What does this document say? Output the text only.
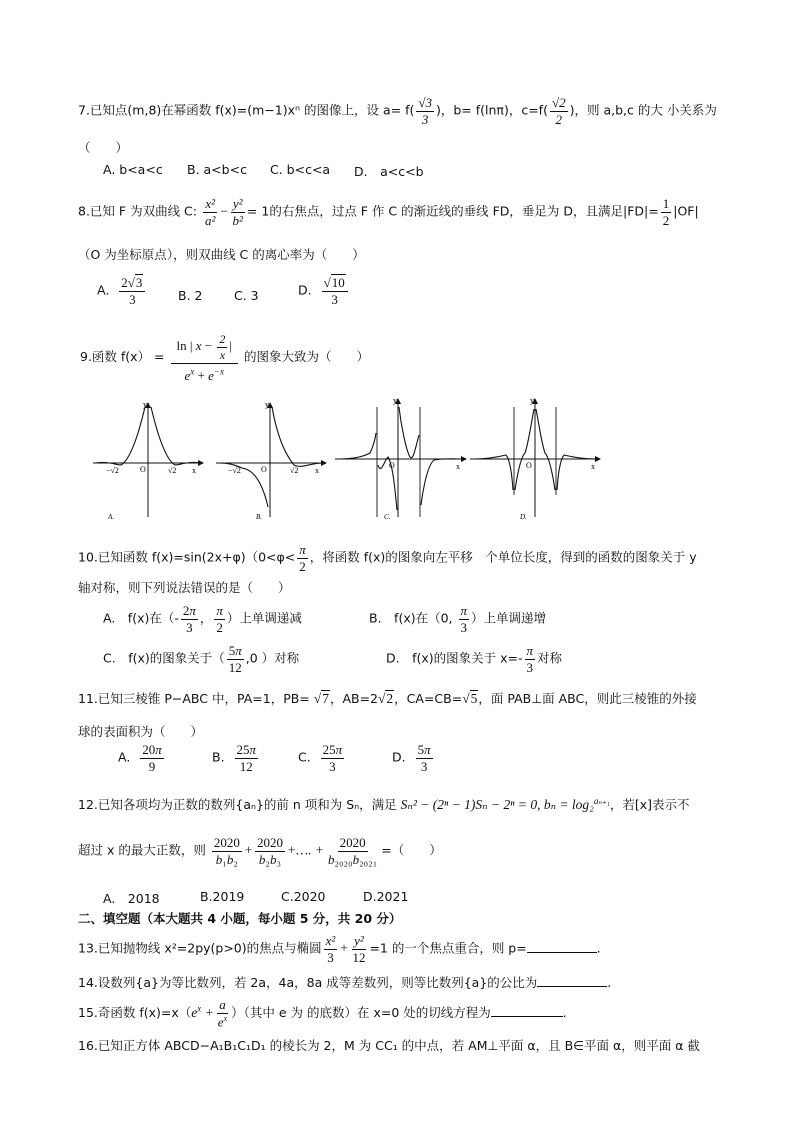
7.已知点(m,8)在幂函数 f(x)=(m−1)xⁿ 的图像上，设 $a= f( \frac{√3}{3}$ )，b= f(lnπ)，$c=f( \frac{√2}{2}$ )，则 a,b,c 的大 小关系为
（　　）
A. b<a<c B. a<b<c C. b<c<a D.　a<c<b
8.已知 F 为双曲线 C: $\frac{\text{x²}}{\text{a²}} - \frac{\text{y²}}{\text{b²}} = 1$的右焦点，过点 F 作 C 的渐近线的垂线 FD，垂足为 D，且满足$|FD|= \frac{1}{2} |OF|$
（O 为坐标原点），则双曲线 C 的离心率为（　　）
A. $\frac{2√3}{3}$	B. 2	C. 3	D. $\frac{√10}{3}$
9.函数 $f(x) = \frac{\ln | x - \frac{2}{x} |}{e^x + e^{-x}}$ 的图象大致为（　　）
y
x
O
−√2	√2
A.
y
x
O
−√2	√2
B.
y
x
O
C.
y
x
O
D.
10.已知函数 $f(x)=\sin(2x+\varphi)(0<\varphi< \frac{\pi}{2}$ ，将函数 f(x)的图象向左平移　个单位长度，得到的函数的图象关于 y
轴对称，则下列说法错误的是（　　）
A.　f(x)在（- $\frac{2\pi}{3}$ ， $\frac{\pi}{2}$ ）上单调递减	B.　f(x)在（0, $\frac{\pi}{3}$ ）上单调递增
C.　f(x)的图象关于（ $\frac{5\pi}{12} ,0$ ）对称	D.　f(x)的图象关于 $x=- \frac{\pi}{3}$ 对称
11.已知三棱锥 P−ABC 中，PA=1，PB= √7，AB=2√2，CA=CB=√5，面 PAB⊥面 ABC，则此三棱锥的外接
球的表面积为（　　）
A. $\frac{20\pi}{9}$	B. $\frac{25\pi}{12}$	C. $\frac{25\pi}{3}$	D. $\frac{5\pi}{3}$
12.已知各项均为正数的数列{aₙ}的前 n 项和为 Sₙ，满足 Sₙ² − (2ⁿ − 1)Sₙ − 2ⁿ = 0, bₙ = log₂$^{a_{n+1}}$，若[x]表示不
超过 x 的最大正数，则 $\frac{2020}{\text{b₁b₂}} + \frac{2020}{\text{b₂b₃}}$ +…. + $\frac{2020}{\text{b₂₀₂₀b₂₀₂₁}}$ =（　　）
A.　2018	B.2019	C.2020	D.2021
二、填空题（本大题共 4 小题，每小题 5 分，共 20 分）
13.已知抛物线 x²=2py(p>0)的焦点与椭圆 $\frac{\text{x²}}{3} + \frac{\text{y²}}{12} =1$ 的一个焦点重合，则 p=	.
14.设数列{a}为等比数列，若 2a，4a，8a 成等差数列，则等比数列{a}的公比为	.
15.奇函数 $f(x)=x(e^x + \frac{a}{e^x}$ ）（其中 e 为 的底数）在 x=0 处的切线方程为	.
16.已知正方体 ABCD−A₁B₁C₁D₁ 的棱长为 2，M 为 CC₁ 的中点，若 AM⊥平面 α，且 B∈平面 α，则平面 α 截
